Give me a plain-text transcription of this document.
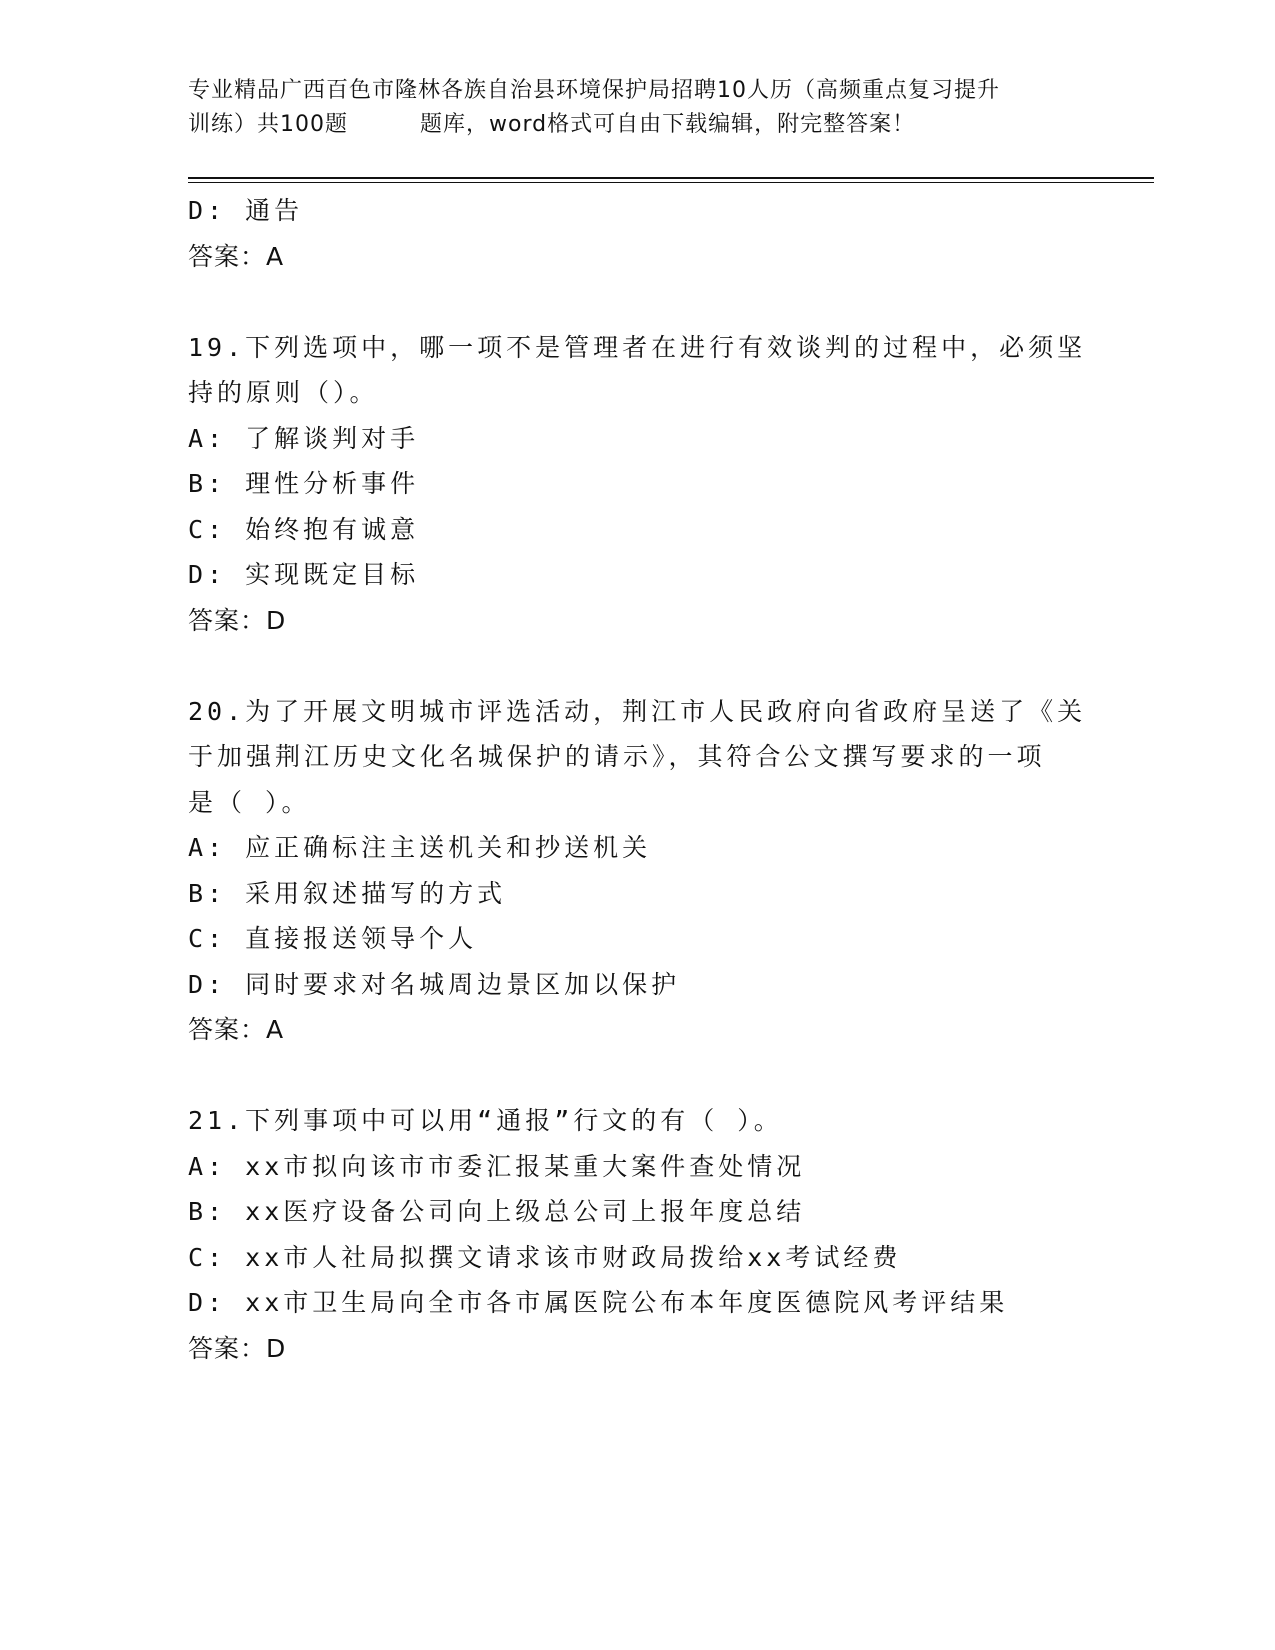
专业精品广西百色市隆林各族自治县环境保护局招聘10人历（高频重点复习提升
训练）共100题	题库，word格式可自由下载编辑，附完整答案！
D: 通告
答案：A
19.下列选项中，哪一项不是管理者在进行有效谈判的过程中，必须坚
持的原则（）。
A: 了解谈判对手
B: 理性分析事件
C: 始终抱有诚意
D: 实现既定目标
答案：D
20.为了开展文明城市评选活动，荆江市人民政府向省政府呈送了《关
于加强荆江历史文化名城保护的请示》，其符合公文撰写要求的一项
是（ ）。
A: 应正确标注主送机关和抄送机关
B: 采用叙述描写的方式
C: 直接报送领导个人
D: 同时要求对名城周边景区加以保护
答案：A
21.下列事项中可以用“通报”行文的有（ ）。
A: xx市拟向该市市委汇报某重大案件查处情况
B: xx医疗设备公司向上级总公司上报年度总结
C: xx市人社局拟撰文请求该市财政局拨给xx考试经费
D: xx市卫生局向全市各市属医院公布本年度医德院风考评结果
答案：D
